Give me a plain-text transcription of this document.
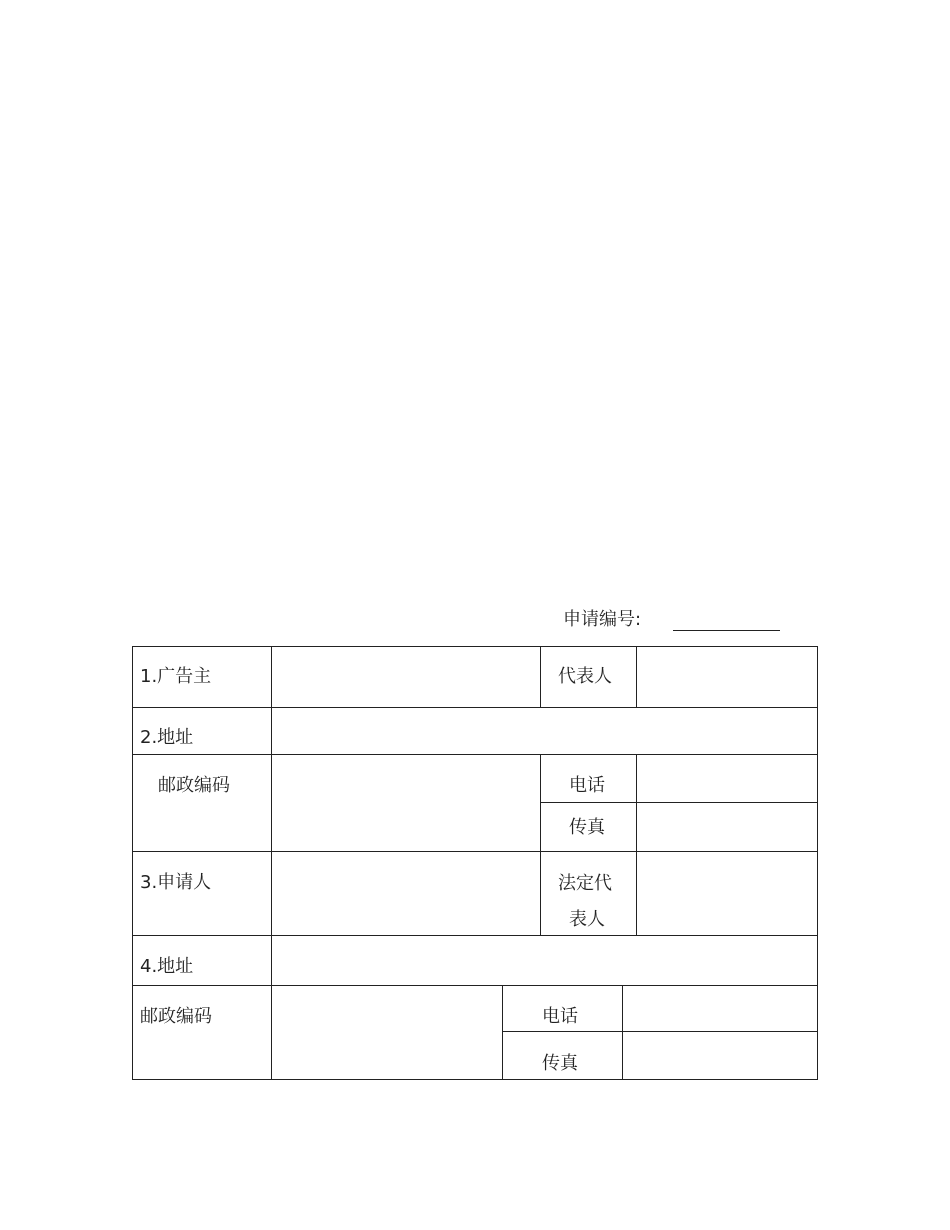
申请编号:
1.广告主	代表人
2.地址
邮政编码	电话
传真
3.申请人	法定代
表人
4.地址
邮政编码	电话
传真
